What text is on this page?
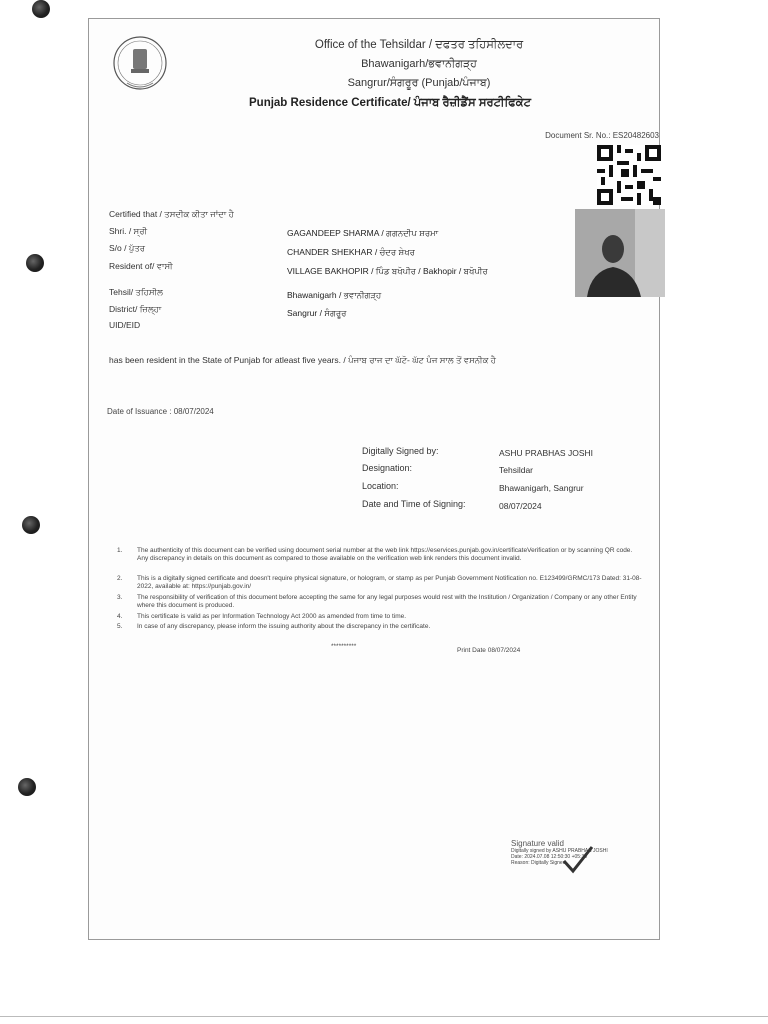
Office of the Tehsildar / ਦਫਤਰ ਤਹਿਸੀਲਦਾਰ
Bhawanigarh/ਭਵਾਨੀਗੜ੍ਹ
Sangrur/ਸੰਗਰੂਰ (Punjab/ਪੰਜਾਬ)
Punjab Residence Certificate/ ਪੰਜਾਬ ਰੈਜ਼ੀਡੈਂਸ ਸਰਟੀਫਿਕੇਟ
Document Sr. No.: ES20482603
Certified that / ਤਸਦੀਕ ਕੀਤਾ ਜਾਂਦਾ ਹੈ
Shri. / ਸ੍ਰੀ	GAGANDEEP SHARMA / ਗਗਨਦੀਪ ਸ਼ਰਮਾ
S/o / ਪੁੱਤਰ	CHANDER SHEKHAR / ਚੰਦਰ ਸ਼ੇਖਰ
Resident of/ ਵਾਸੀ	VILLAGE BAKHOPIR / ਪਿੰਡ ਬਖੋਪੀਰ / Bakhopir / ਬਖੋਪੀਰ
Tehsil/ ਤਹਿਸੀਲ	Bhawanigarh / ਭਵਾਨੀਗੜ੍ਹ
District/ ਜ਼ਿਲ੍ਹਾ	Sangrur / ਸੰਗਰੂਰ
UID/EID
has been resident in the State of Punjab for atleast five years. / ਪੰਜਾਬ ਰਾਜ ਦਾ ਘੱਟੋ- ਘੱਟ ਪੰਜ ਸਾਲ ਤੋਂ ਵਸਨੀਕ ਹੈ
Date of Issuance : 08/07/2024
Digitally Signed by:	ASHU PRABHAS JOSHI
Designation:	Tehsildar
Location:	Bhawanigarh, Sangrur
Date and Time of Signing:	08/07/2024
1. The authenticity of this document can be verified using document serial number at the web link https://eservices.punjab.gov.in/certificateVerification or by scanning QR code. Any discrepancy in details on this document as compared to those available on the verification web link renders this document invalid.
2. This is a digitally signed certificate and doesn't require physical signature, or hologram, or stamp as per Punjab Government Notification no. E123499/GRMC/173 Dated: 31-08-2022, available at: https://punjab.gov.in/
3. The responsibility of verification of this document before accepting the same for any legal purposes would rest with the Institution / Organization / Company or any other Entity where this document is produced.
4. This certificate is valid as per Information Technology Act 2000 as amended from time to time.
5. In case of any discrepancy, please inform the issuing authority about the discrepancy in the certificate.
**********
Print Date 08/07/2024
Signature valid
Digitally signed by ASHU PRABHAS JOSHI
Date: 2024.07.08 12:50:30 +05:30
Reason: Digitally Signed
